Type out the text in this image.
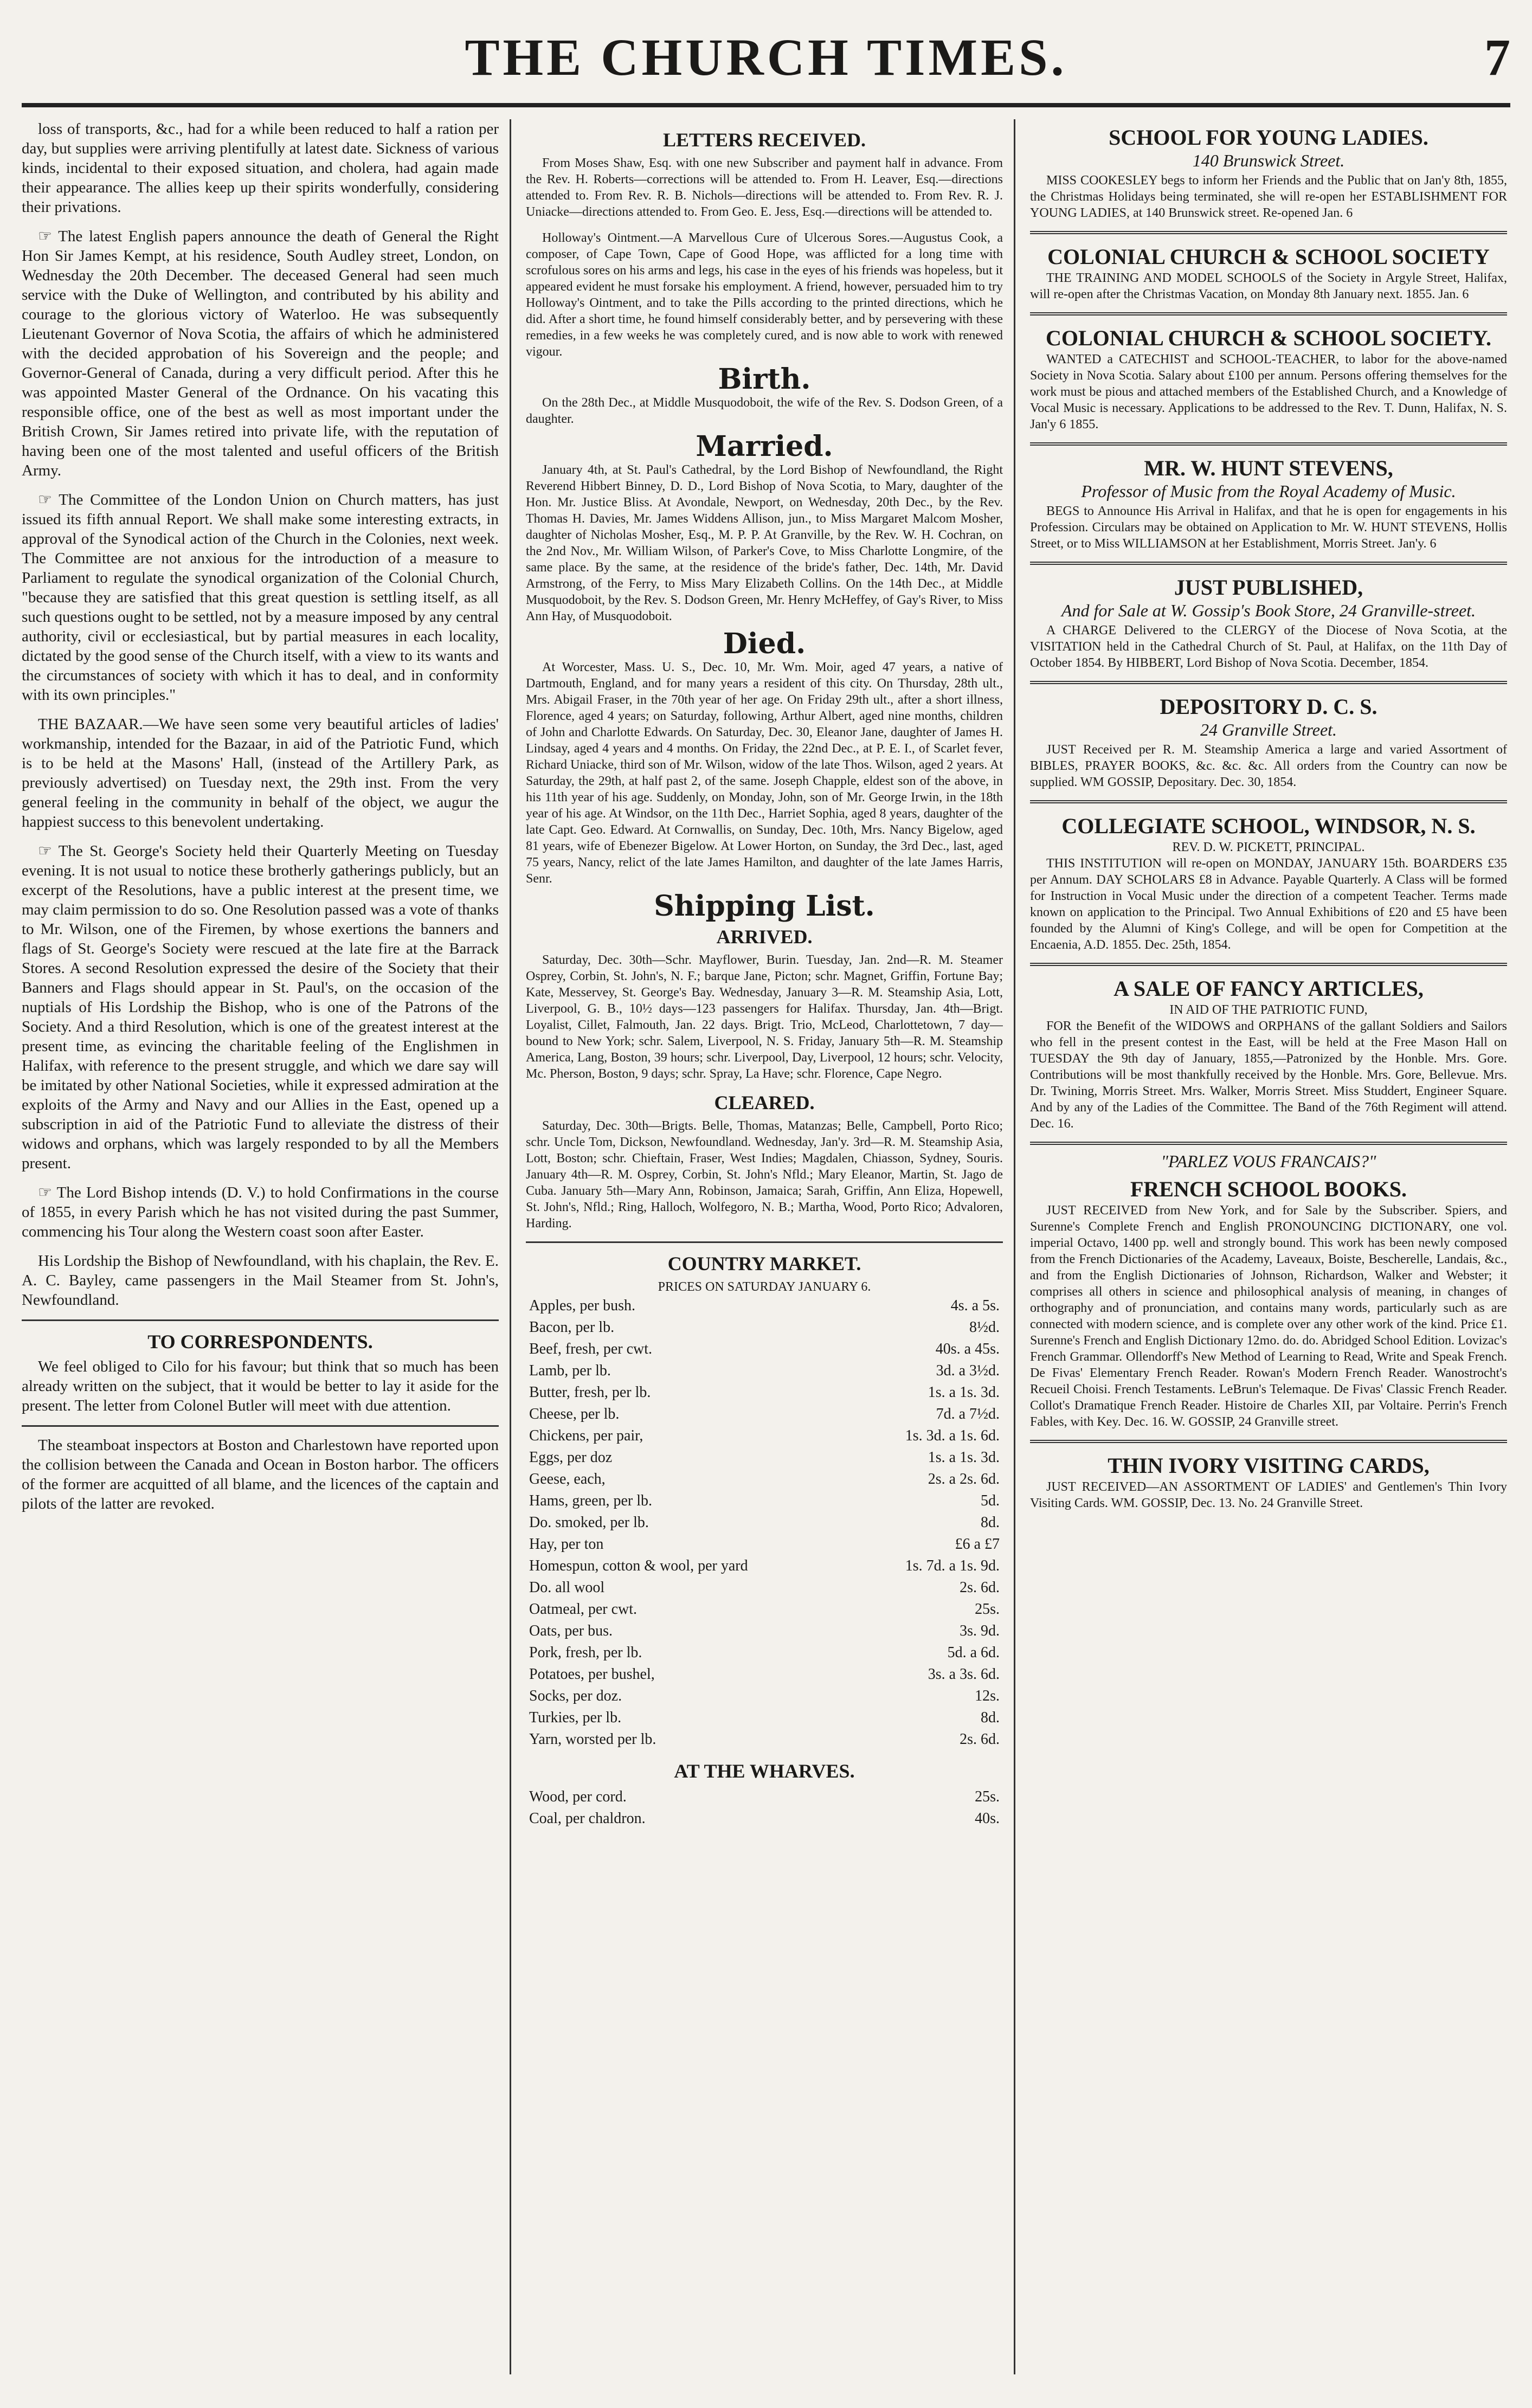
THE CHURCH TIMES.	7

loss of transports, &c., had for a while been reduced to half a ration per day, but supplies were arriving plentifully at latest date. Sickness of various kinds, incidental to their exposed situation, and cholera, had again made their appearance. The allies keep up their spirits wonderfully, considering their privations.

☞ The latest English papers announce the death of General the Right Hon Sir James Kempt, at his residence, South Audley street, London, on Wednesday the 20th December. The deceased General had seen much service with the Duke of Wellington, and contributed by his ability and courage to the glorious victory of Waterloo. He was subsequently Lieutenant Governor of Nova Scotia, the affairs of which he administered with the decided approbation of his Sovereign and the people; and Governor-General of Canada, during a very difficult period. After this he was appointed Master General of the Ordnance. On his vacating this responsible office, one of the best as well as most important under the British Crown, Sir James retired into private life, with the reputation of having been one of the most talented and useful officers of the British Army.

☞ The Committee of the London Union on Church matters, has just issued its fifth annual Report. We shall make some interesting extracts, in approval of the Synodical action of the Church in the Colonies, next week. The Committee are not anxious for the introduction of a measure to Parliament to regulate the synodical organization of the Colonial Church, "because they are satisfied that this great question is settling itself, as all such questions ought to be settled, not by a measure imposed by any central authority, civil or ecclesiastical, but by partial measures in each locality, dictated by the good sense of the Church itself, with a view to its wants and the circumstances of society with which it has to deal, and in conformity with its own principles."

THE BAZAAR.—We have seen some very beautiful articles of ladies' workmanship, intended for the Bazaar, in aid of the Patriotic Fund, which is to be held at the Masons' Hall, (instead of the Artillery Park, as previously advertised) on Tuesday next, the 29th inst. From the very general feeling in the community in behalf of the object, we augur the happiest success to this benevolent undertaking.

☞ The St. George's Society held their Quarterly Meeting on Tuesday evening. It is not usual to notice these brotherly gatherings publicly, but an excerpt of the Resolutions, have a public interest at the present time, we may claim permission to do so. One Resolution passed was a vote of thanks to Mr. Wilson, one of the Firemen, by whose exertions the banners and flags of St. George's Society were rescued at the late fire at the Barrack Stores. A second Resolution expressed the desire of the Society that their Banners and Flags should appear in St. Paul's, on the occasion of the nuptials of His Lordship the Bishop, who is one of the Patrons of the Society. And a third Resolution, which is one of the greatest interest at the present time, as evincing the charitable feeling of the Englishmen in Halifax, with reference to the present struggle, and which we dare say will be imitated by other National Societies, while it expressed admiration at the exploits of the Army and Navy and our Allies in the East, opened up a subscription in aid of the Patriotic Fund to alleviate the distress of their widows and orphans, which was largely responded to by all the Members present.

☞ The Lord Bishop intends (D. V.) to hold Confirmations in the course of 1855, in every Parish which he has not visited during the past Summer, commencing his Tour along the Western coast soon after Easter.

His Lordship the Bishop of Newfoundland, with his chaplain, the Rev. E. A. C. Bayley, came passengers in the Mail Steamer from St. John's, Newfoundland.

TO CORRESPONDENTS.

We feel obliged to Cilo for his favour; but think that so much has been already written on the subject, that it would be better to lay it aside for the present. The letter from Colonel Butler will meet with due attention.

The steamboat inspectors at Boston and Charlestown have reported upon the collision between the Canada and Ocean in Boston harbor. The officers of the former are acquitted of all blame, and the licences of the captain and pilots of the latter are revoked.

LETTERS RECEIVED.

From Moses Shaw, Esq. with one new Subscriber and payment half in advance. From the Rev. H. Roberts—corrections will be attended to. From H. Leaver, Esq.—directions attended to. From Rev. R. B. Nichols—directions will be attended to. From Rev. R. J. Uniacke—directions attended to. From Geo. E. Jess, Esq.—directions will be attended to.

Holloway's Ointment.—A Marvellous Cure of Ulcerous Sores.—Augustus Cook, a composer, of Cape Town, Cape of Good Hope, was afflicted for a long time with scrofulous sores on his arms and legs, his case in the eyes of his friends was hopeless, but it appeared evident he must forsake his employment. A friend, however, persuaded him to try Holloway's Ointment, and to take the Pills according to the printed directions, which he did. After a short time, he found himself considerably better, and by persevering with these remedies, in a few weeks he was completely cured, and is now able to work with renewed vigour.

Birth.

On the 28th Dec., at Middle Musquodoboit, the wife of the Rev. S. Dodson Green, of a daughter.

Married.

January 4th, at St. Paul's Cathedral, by the Lord Bishop of Newfoundland, the Right Reverend Hibbert Binney, D. D., Lord Bishop of Nova Scotia, to Mary, daughter of the Hon. Mr. Justice Bliss. At Avondale, Newport, on Wednesday, 20th Dec., by the Rev. Thomas H. Davies, Mr. James Widdens Allison, jun., to Miss Margaret Malcom Mosher, daughter of Nicholas Mosher, Esq., M. P. P. At Granville, by the Rev. W. H. Cochran, on the 2nd Nov., Mr. William Wilson, of Parker's Cove, to Miss Charlotte Longmire, of the same place. By the same, at the residence of the bride's father, Dec. 14th, Mr. David Armstrong, of the Ferry, to Miss Mary Elizabeth Collins. On the 14th Dec., at Middle Musquodoboit, by the Rev. S. Dodson Green, Mr. Henry McHeffey, of Gay's River, to Miss Ann Hay, of Musquodoboit.

Died.

At Worcester, Mass. U. S., Dec. 10, Mr. Wm. Moir, aged 47 years, a native of Dartmouth, England, and for many years a resident of this city. On Thursday, 28th ult., Mrs. Abigail Fraser, in the 70th year of her age. On Friday 29th ult., after a short illness, Florence, aged 4 years; on Saturday, following, Arthur Albert, aged nine months, children of John and Charlotte Edwards. On Saturday, Dec. 30, Eleanor Jane, daughter of James H. Lindsay, aged 4 years and 4 months. On Friday, the 22nd Dec., at P. E. I., of Scarlet fever, Richard Uniacke, third son of Mr. Wilson, widow of the late Thos. Wilson, aged 2 years. At Saturday, the 29th, at half past 2, of the same. Joseph Chapple, eldest son of the above, in his 11th year of his age. Suddenly, on Monday, John, son of Mr. George Irwin, in the 18th year of his age. At Windsor, on the 11th Dec., Harriet Sophia, aged 8 years, daughter of the late Capt. Geo. Edward. At Cornwallis, on Sunday, Dec. 10th, Mrs. Nancy Bigelow, aged 81 years, wife of Ebenezer Bigelow. At Lower Horton, on Sunday, the 3rd Dec., last, aged 75 years, Nancy, relict of the late James Hamilton, and daughter of the late James Harris, Senr.

Shipping List.
ARRIVED.

Saturday, Dec. 30th—Schr. Mayflower, Burin. Tuesday, Jan. 2nd—R. M. Steamer Osprey, Corbin, St. John's, N. F.; barque Jane, Picton; schr. Magnet, Griffin, Fortune Bay; Kate, Messervey, St. George's Bay. Wednesday, January 3—R. M. Steamship Asia, Lott, Liverpool, G. B., 10½ days—123 passengers for Halifax. Thursday, Jan. 4th—Brigt. Loyalist, Cillet, Falmouth, Jan. 22 days. Brigt. Trio, McLeod, Charlottetown, 7 day—bound to New York; schr. Salem, Liverpool, N. S. Friday, January 5th—R. M. Steamship America, Lang, Boston, 39 hours; schr. Liverpool, Day, Liverpool, 12 hours; schr. Velocity, Mc. Pherson, Boston, 9 days; schr. Spray, La Have; schr. Florence, Cape Negro.

CLEARED.

Saturday, Dec. 30th—Brigts. Belle, Thomas, Matanzas; Belle, Campbell, Porto Rico; schr. Uncle Tom, Dickson, Newfoundland. Wednesday, Jan'y. 3rd—R. M. Steamship Asia, Lott, Boston; schr. Chieftain, Fraser, West Indies; Magdalen, Chiasson, Sydney, Souris. January 4th—R. M. Osprey, Corbin, St. John's Nfld.; Mary Eleanor, Martin, St. Jago de Cuba. January 5th—Mary Ann, Robinson, Jamaica; Sarah, Griffin, Ann Eliza, Hopewell, St. John's, Nfld.; Ring, Halloch, Wolfegoro, N. B.; Martha, Wood, Porto Rico; Advaloren, Harding.

COUNTRY MARKET.
PRICES ON SATURDAY JANUARY 6.
Apples, per bush.	4s. a 5s.
Bacon, per lb.	8½d.
Beef, fresh, per cwt.	40s. a 45s.
Lamb, per lb.	3d. a 3½d.
Butter, fresh, per lb.	1s. a 1s. 3d.
Cheese, per lb.	7d. a 7½d.
Chickens, per pair,	1s. 3d. a 1s. 6d.
Eggs, per doz	1s. a 1s. 3d.
Geese, each,	2s. a 2s. 6d.
Hams, green, per lb.	5d.
Do. smoked, per lb.	8d.
Hay, per ton	£6 a £7
Homespun, cotton & wool, per yard	1s. 7d. a 1s. 9d.
Do. all wool	2s. 6d.
Oatmeal, per cwt.	25s.
Oats, per bus.	3s. 9d.
Pork, fresh, per lb.	5d. a 6d.
Potatoes, per bushel,	3s. a 3s. 6d.
Socks, per doz.	12s.
Turkies, per lb.	8d.
Yarn, worsted per lb.	2s. 6d.
AT THE WHARVES.
Wood, per cord.	25s.
Coal, per chaldron.	40s.
SCHOOL FOR YOUNG LADIES.
140 Brunswick Street.

MISS COOKESLEY begs to inform her Friends and the Public that on Jan'y 8th, 1855, the Christmas Holidays being terminated, she will re-open her ESTABLISHMENT FOR YOUNG LADIES, at 140 Brunswick street. Re-opened Jan. 6

COLONIAL CHURCH & SCHOOL SOCIETY

THE TRAINING AND MODEL SCHOOLS of the Society in Argyle Street, Halifax, will re-open after the Christmas Vacation, on Monday 8th January next. 1855. Jan. 6

COLONIAL CHURCH & SCHOOL SOCIETY.

WANTED a CATECHIST and SCHOOL-TEACHER, to labor for the above-named Society in Nova Scotia. Salary about £100 per annum. Persons offering themselves for the work must be pious and attached members of the Established Church, and a Knowledge of Vocal Music is necessary. Applications to be addressed to the Rev. T. Dunn, Halifax, N. S. Jan'y 6 1855.

MR. W. HUNT STEVENS,
Professor of Music from the Royal Academy of Music.

BEGS to Announce His Arrival in Halifax, and that he is open for engagements in his Profession. Circulars may be obtained on Application to Mr. W. HUNT STEVENS, Hollis Street, or to Miss WILLIAMSON at her Establishment, Morris Street. Jan'y. 6

JUST PUBLISHED,
And for Sale at W. Gossip's Book Store, 24 Granville-street.

A CHARGE Delivered to the CLERGY of the Diocese of Nova Scotia, at the VISITATION held in the Cathedral Church of St. Paul, at Halifax, on the 11th Day of October 1854. By HIBBERT, Lord Bishop of Nova Scotia. December, 1854.

DEPOSITORY D. C. S.
24 Granville Street.

JUST Received per R. M. Steamship America a large and varied Assortment of BIBLES, PRAYER BOOKS, &c. &c. &c. All orders from the Country can now be supplied. WM GOSSIP, Depositary. Dec. 30, 1854.

COLLEGIATE SCHOOL, WINDSOR, N. S.
REV. D. W. PICKETT, PRINCIPAL.

THIS INSTITUTION will re-open on MONDAY, JANUARY 15th. BOARDERS £35 per Annum. DAY SCHOLARS £8 in Advance. Payable Quarterly. A Class will be formed for Instruction in Vocal Music under the direction of a competent Teacher. Terms made known on application to the Principal. Two Annual Exhibitions of £20 and £5 have been founded by the Alumni of King's College, and will be open for Competition at the Encaenia, A.D. 1855. Dec. 25th, 1854.

A SALE OF FANCY ARTICLES,
IN AID OF THE PATRIOTIC FUND,

FOR the Benefit of the WIDOWS and ORPHANS of the gallant Soldiers and Sailors who fell in the present contest in the East, will be held at the Free Mason Hall on TUESDAY the 9th day of January, 1855,—Patronized by the Honble. Mrs. Gore. Contributions will be most thankfully received by the Honble. Mrs. Gore, Bellevue. Mrs. Dr. Twining, Morris Street. Mrs. Walker, Morris Street. Miss Studdert, Engineer Square. And by any of the Ladies of the Committee. The Band of the 76th Regiment will attend. Dec. 16.

"PARLEZ VOUS FRANCAIS?"
FRENCH SCHOOL BOOKS.

JUST RECEIVED from New York, and for Sale by the Subscriber. Spiers, and Surenne's Complete French and English PRONOUNCING DICTIONARY, one vol. imperial Octavo, 1400 pp. well and strongly bound. This work has been newly composed from the French Dictionaries of the Academy, Laveaux, Boiste, Bescherelle, Landais, &c., and from the English Dictionaries of Johnson, Richardson, Walker and Webster; it comprises all others in science and philosophical analysis of meaning, in changes of orthography and of pronunciation, and contains many words, particularly such as are connected with modern science, and is complete over any other work of the kind. Price £1. Surenne's French and English Dictionary 12mo. do. do. Abridged School Edition. Lovizac's French Grammar. Ollendorff's New Method of Learning to Read, Write and Speak French. De Fivas' Elementary French Reader. Rowan's Modern French Reader. Wanostrocht's Recueil Choisi. French Testaments. LeBrun's Telemaque. De Fivas' Classic French Reader. Collot's Dramatique French Reader. Histoire de Charles XII, par Voltaire. Perrin's French Fables, with Key. Dec. 16. W. GOSSIP, 24 Granville street.

THIN IVORY VISITING CARDS,

JUST RECEIVED—AN ASSORTMENT OF LADIES' and Gentlemen's Thin Ivory Visiting Cards. WM. GOSSIP, Dec. 13. No. 24 Granville Street.
